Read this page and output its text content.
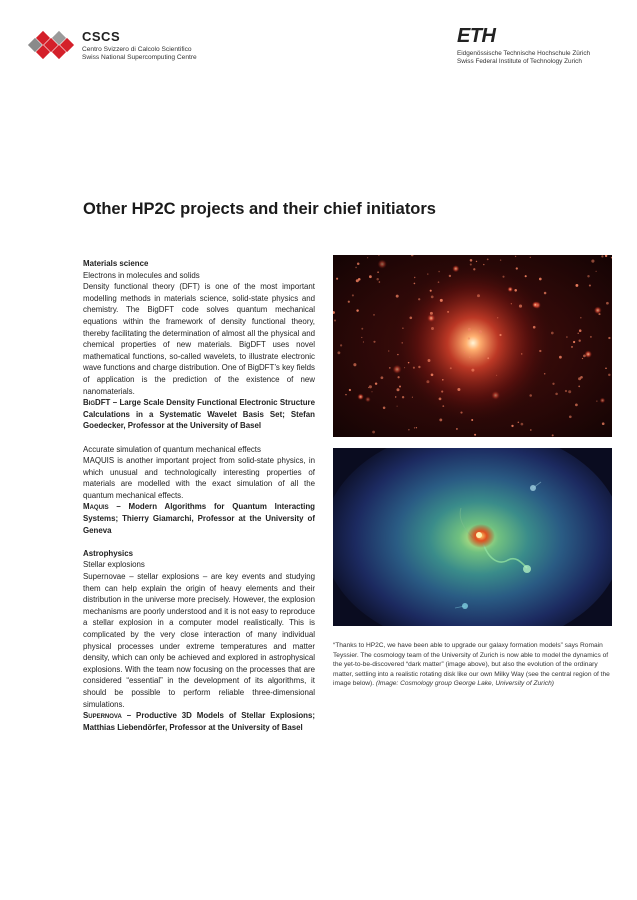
CSCS
Centro Svizzero di Calcolo Scientifico
Swiss National Supercomputing Centre
ETH
Eidgenössische Technische Hochschule Zürich
Swiss Federal Institute of Technology Zurich
Other HP2C projects and their chief initiators
Materials science
Electrons in molecules and solids

Density functional theory (DFT) is one of the most important modelling methods in materials science, solid-state physics and chemistry. The BigDFT code solves quantum mechanical equations within the framework of density functional theory, thereby facilitating the determination of almost all the physical and chemical properties of new materials. BigDFT uses novel mathematical functions, so-called wavelets, to illustrate electronic wave functions and charge distribution. One of BigDFT’s key fields of application is the prediction of the existence of new nanomaterials.

BigDFT – Large Scale Density Functional Electronic Structure Calculations in a Systematic Wavelet Basis Set; Stefan Goedecker, Professor at the University of Basel

Accurate simulation of quantum mechanical effects

MAQUIS is another important project from solid-state physics, in which unusual and technologically interesting properties of materials are modelled with the exact simulation of all the quantum mechanical effects.

Maquis – Modern Algorithms for Quantum Interacting Systems; Thierry Giamarchi, Professor at the University of Geneva

Astrophysics
Stellar explosions

Supernovae – stellar explosions – are key events and studying them can help explain the origin of heavy elements and their distribution in the universe more precisely. However, the explosion mechanisms are poorly understood and it is not easy to reproduce a stellar explosion in a computer model realistically. This is complicated by the very close interaction of many individual physical processes under extreme temperatures and matter density, which can only be achieved and explored in astrophysical explosions. With the team now focusing on the processes that are considered “essential” in the development of its algorithms, it should be possible to perform reliable three-dimensional simulations.

Supernova – Productive 3D Models of Stellar Explosions; Matthias Liebendörfer, Professor at the University of Basel

“Thanks to HP2C, we have been able to upgrade our galaxy formation models” says Romain Teyssier. The cosmology team of the University of Zurich is now able to model the dynamics of the yet-to-be-discovered “dark matter” (image above), but also the evolution of the ordinary matter, settling into a realistic rotating disk like our own Milky Way (see the central region of the image below). (Image: Cosmology group George Lake, University of Zurich)
